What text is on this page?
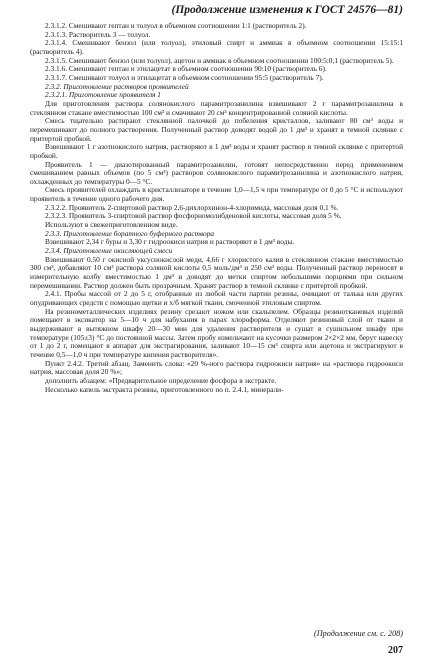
(Продолжение изменения к ГОСТ 24576—81)

2.3.1.2. Смешивают гептан и толуол в объемном соотношении 1:1 (растворитель 2).

2.3.1.3. Растворитель 3 — толуол.

2.3.1.4. Смешивают бензол (или толуол), этиловый спирт и аммиак в объемном соотношении 15:15:1 (растворитель 4).

2.3.1.5. Смешивают бензол (или толуол), ацетон и аммиак в объемном соотношении 100:5:0,1 (растворитель 5).

2.3.1.6. Смешивают гептан и этилацетат в объемном соотношении 90:10 (растворитель 6).

2.3.1.7. Смешивают толуол и этилацетат в объемном соотношении 95:5 (растворитель 7).

2.3.2. Приготовление растворов проявителей

2.3.2.1. Приготовление проявителя 1

Для приготовления раствора солянокислого парамитрозанилина взвешивают 2 г парамитрозанилина в стеклянном стакане вместимостью 100 см³ и смачивают 20 см³ концентрированной соляной кислоты.

Смесь тщательно растирают стеклянной палочкой до побеления кристаллов, заливают 80 см³ воды и перемешивают до полного растворения. Полученный раствор доводят водой до 1 дм³ и хранят в темной склянке с притертой пробкой.

Взвешивают 1 г азотнокислого натрия, растворяют в 1 дм³ воды и хранят раствор в темной склянке с притертой пробкой.

Проявитель 1 — диазотированный парамитрозанилин, готовят непосредственно перед применением смешиванием равных объемов (по 5 см³) растворов солянокислого парамитрозанилина и азотнокислого натрия, охлажденных до температуры 0—5 °С.

Смесь проявителей охлаждать в кристаллизаторе в течение 1,0—1,5 ч при температуре от 0 до 5 °С и используют проявитель в течение одного рабочего дня.

2.3.2.2. Проявитель 2-спиртовой раствор 2,6-дихлорхинон-4-хлоримида, массовая доля 0,1 %.

2.3.2.3. Проявитель 3-спиртовой раствор фосфорномолибденовой кислоты, массовая доля 5 %.

Используют в свежеприготовленном виде.

2.3.3. Приготовление боратного буферного раствора

Взвешивают 2,34 г буры и 3,30 г гидроокиси натрия и растворяют в 1 дм³ воды.

2.3.4. Приготовление окисляющей смеси

Взвешивают 0,50 г окисной уксуснокислой меди, 4,66 г хлористого калия в стеклянном стакане вместимостью 300 см³, добавляют 10 см³ раствора соляной кислоты 0,5 моль/дм³ и 250 см³ воды. Полученный раствор переносят в измерительную колбу вместимостью 1 дм³ и доводят до метки спиртом небольшими порциями при сильном перемешивании. Раствор должен быть прозрачным. Хранят раствор в темной склянке с притертой пробкой.

2.4.1. Пробы массой от 2 до 5 г, отобранные из любой части партии резины, очищают от талька или других опудривающих средств с помощью щетки и х/б мягкой ткани, смоченной этиловым спиртом.

На резинометаллических изделиях резину срезают ножом или скальпелем. Образцы резинотканевых изделий помещают в эксикатор на 5—10 ч для набухания в парах хлороформа. Отделяют резиновый слой от ткани и выдерживают в вытяжном шкафу 20—30 мин для удаления растворителя и сушат в сушильном шкафу при температуре (105±3) °С до постоянной массы. Затем пробу измельчают на кусочки размером 2×2×2 мм, берут навеску от 1 до 2 г, помещают в аппарат для экстрагирования, заливают 10—15 см³ спирта или ацетона и экстрагируют в течение 0,5—1,0 ч при температуре кипения растворителя».

Пункт 2.4.2. Третий абзац. Заменить слова: «20 %-ного раствора гидроокиси натрия» на «раствора гидроокиси натрия, массовая доля 20 %»;

дополнить абзацем: «Предварительное определение фосфора в экстракте.

Несколько капель экстракта резины, приготовленного по п. 2.4.1, минерали-

(Продолжение см. с. 208)
207
